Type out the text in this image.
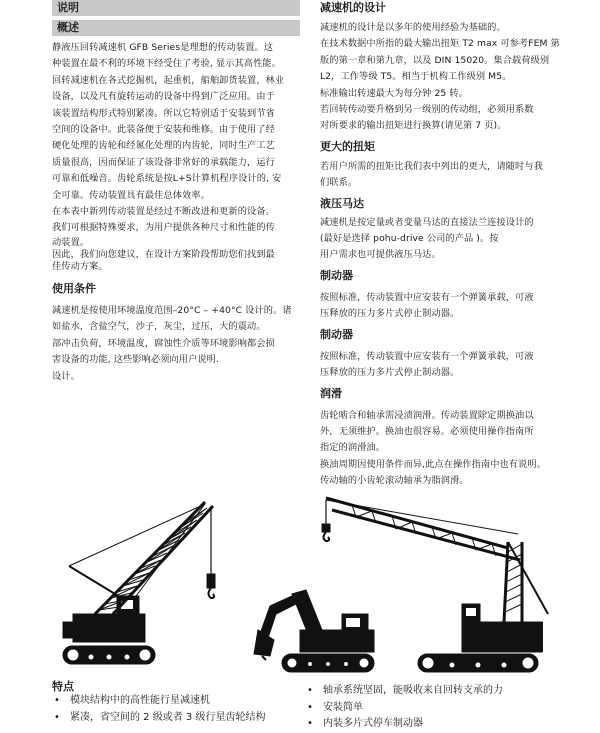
说明
概述

静液压回转减速机 GFB Series是理想的传动装置。这

种装置在最不利的环境下经受住了考验, 显示其高性能。

回转减速机在各式挖掘机，起重机，船舶卸货装置，林业

设备，以及凡有旋转运动的设备中得到广泛应用。由于

该装置结构形式特别紧凑。所以它特别适于安装到节省

空间的设备中。此装备便于安装和维修。由于使用了经

硬化处理的齿轮和经氮化处理的内齿轮，同时生产工艺

质量很高，因而保证了该设备非常好的承载能力，运行

可靠和低噪音。齿轮系统是按L+S计算机程序设计的, 安

全可靠。传动装置具有最佳总体效率。

在本表中新列传动装置是经过不断改进和更新的设备。

我们可根据特殊要求，为用户提供各种尺寸和性能的传

动装置。

因此，我们向您建议，在设计方案阶段帮助您们找到最

佳传动方案。

使用条件

减速机是按使用环境温度范围–20°C – +40°C 设计的。诸

如盐水，含盐空气，沙子，灰尘，过压，大的震动。

部冲击负荷，环境温度，腐蚀性介质等环境影响都会损

害设备的功能, 这些影响必须向用户说明.

设计。

减速机的设计

减速机的设计是以多年的使用经验为基础的。

在技术数据中所指的最大输出扭矩 T2 max 可参考FEM 第

版的第一章和第九章，以及 DIN 15020。集合载荷级别

L2，工作等级 T5。相当于机构工作级别 M5。

标准输出转速最大为每分钟 25 转。

若回转传动要升格到另一级别的传动组，必须用系数

对所要求的输出扭矩进行换算(请见第 7 页)。

更大的扭矩

若用户所需的扭矩比我们表中列出的更大，请随时与我

们联系。

液压马达

减速机是按定量或者变量马达的直接法兰连接设计的

(最好是选择 pohu-drive 公司的产品 )。按

用户需求也可提供液压马达。

制动器

按照标准，传动装置中应安装有一个弹簧承载，可液

压释放的压力多片式停止制动器。

制动器

按照标准，传动装置中应安装有一个弹簧承载，可液

压释放的压力多片式停止制动器。

润滑

齿轮啮合和轴承需浸渍润滑。传动装置除定期换油以

外，无须维护。换油也很容易。必须使用操作指南所

指定的润滑油。

换油周期因使用条件而异,此点在操作指南中也有说明。

传动轴的小齿轮滚动轴承为脂润滑。

特点
• 模块结构中的高性能行星减速机
• 紧凑，省空间的 2 级或者 3 级行星齿轮结构
• 轴承系统坚固，能吸收来自回转支承的力
• 安装简单
• 内装多片式停车制动器
